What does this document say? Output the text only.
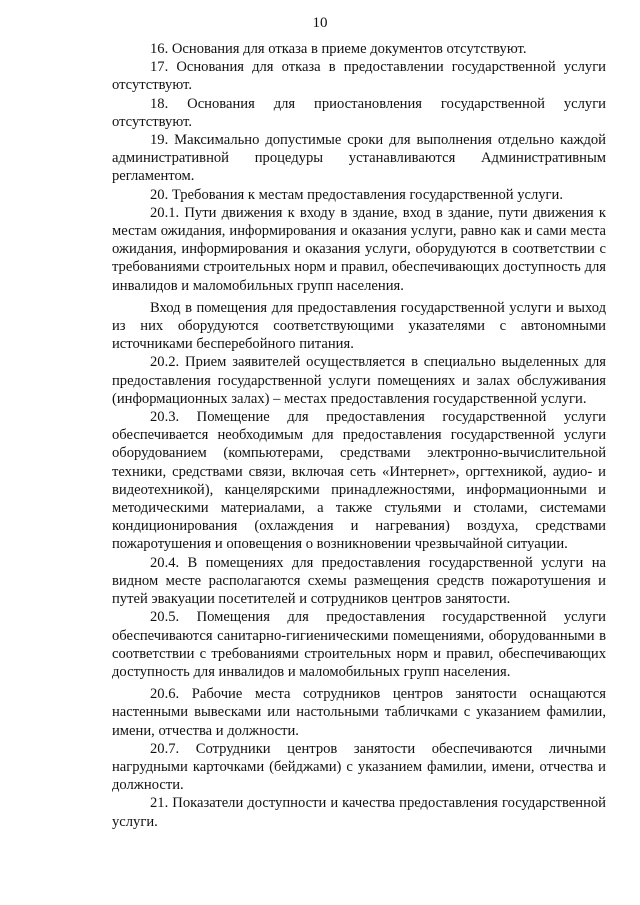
10

16. Основания для отказа в приеме документов отсутствуют.

17. Основания для отказа в предоставлении государственной услуги отсутствуют.

18. Основания для приостановления государственной услуги отсутствуют.

19. Максимально допустимые сроки для выполнения отдельно каждой административной процедуры устанавливаются Административным регламентом.

20. Требования к местам предоставления государственной услуги.

20.1. Пути движения к входу в здание, вход в здание, пути движения к местам ожидания, информирования и оказания услуги, равно как и сами места ожидания, информирования и оказания услуги, оборудуются в соответствии с требованиями строительных норм и правил, обеспечивающих доступность для инвалидов и маломобильных групп населения.

Вход в помещения для предоставления государственной услуги и выход из них оборудуются соответствующими указателями с автономными источниками бесперебойного питания.

20.2. Прием заявителей осуществляется в специально выделенных для предоставления государственной услуги помещениях и залах обслуживания (информационных залах) – местах предоставления государственной услуги.

20.3. Помещение для предоставления государственной услуги обеспечивается необходимым для предоставления государственной услуги оборудованием (компьютерами, средствами электронно-вычислительной техники, средствами связи, включая сеть «Интернет», оргтехникой, аудио- и видеотехникой), канцелярскими принадлежностями, информационными и методическими материалами, а также стульями и столами, системами кондиционирования (охлаждения и нагревания) воздуха, средствами пожаротушения и оповещения о возникновении чрезвычайной ситуации.

20.4. В помещениях для предоставления государственной услуги на видном месте располагаются схемы размещения средств пожаротушения и путей эвакуации посетителей и сотрудников центров занятости.

20.5. Помещения для предоставления государственной услуги обеспечиваются санитарно-гигиеническими помещениями, оборудованными в соответствии с требованиями строительных норм и правил, обеспечивающих доступность для инвалидов и маломобильных групп населения.

20.6. Рабочие места сотрудников центров занятости оснащаются настенными вывесками или настольными табличками с указанием фамилии, имени, отчества и должности.

20.7. Сотрудники центров занятости обеспечиваются личными нагрудными карточками (бейджами) с указанием фамилии, имени, отчества и должности.

21. Показатели доступности и качества предоставления государственной услуги.
